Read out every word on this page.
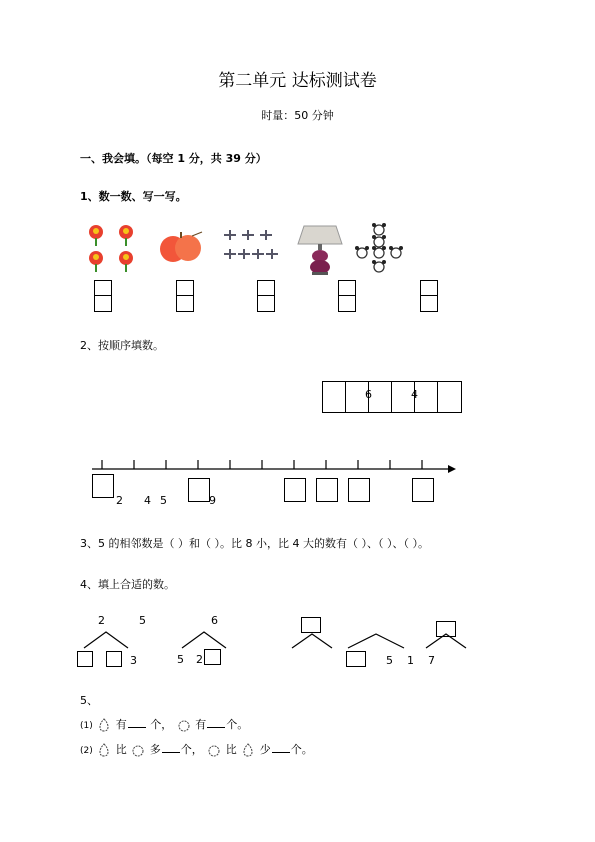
第二单元 达标测试卷
时量：50 分钟
一、我会填。（每空 1 分，共 39 分）
1、数一数、写一写。
2、按顺序填数。
6	4
2 4 5	9
3、5 的相邻数是（ ）和（ ）。比 8 小，比 4 大的数有（ ）、（ ）、（ ）。
4、填上合适的数。
2
3
5	6
5 2	5 1 7
5、
(1) 有 个， 有 个。
(2) 比 多 个， 比 少 个。
